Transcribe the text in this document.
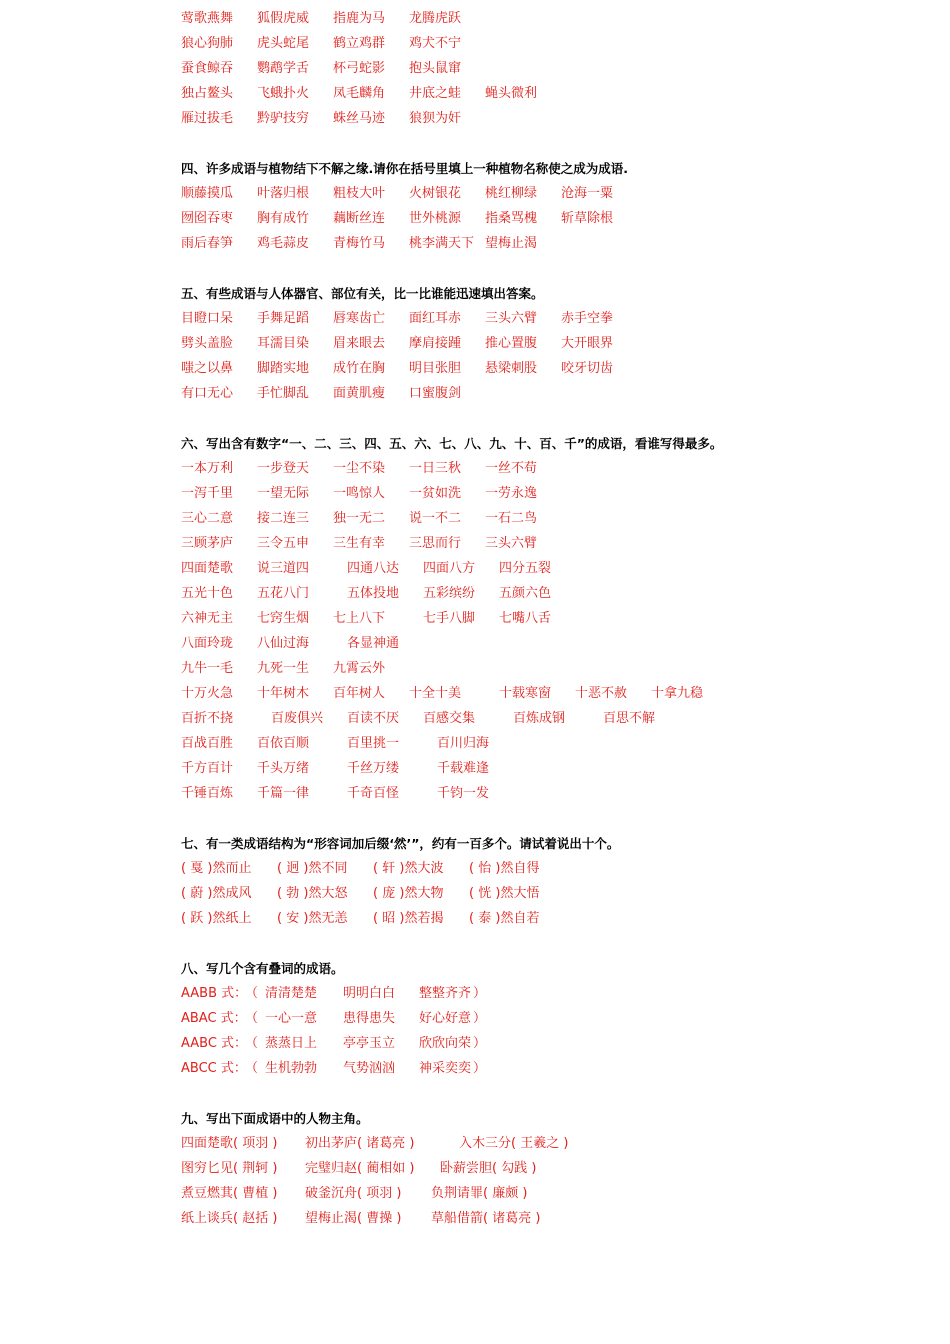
莺歌燕舞 狐假虎威 指鹿为马 龙腾虎跃
狼心狗肺 虎头蛇尾 鹤立鸡群 鸡犬不宁
蚕食鲸吞 鹦鹉学舌 杯弓蛇影 抱头鼠窜
独占鳌头 飞蛾扑火 凤毛麟角 井底之蛙 蝇头微利
雁过拔毛 黔驴技穷 蛛丝马迹 狼狈为奸
四、许多成语与植物结下不解之缘.请你在括号里填上一种植物名称使之成为成语.
顺藤摸瓜 叶落归根 粗枝大叶 火树银花 桃红柳绿 沧海一粟
囫囵吞枣 胸有成竹 藕断丝连 世外桃源 指桑骂槐 斩草除根
雨后春笋 鸡毛蒜皮 青梅竹马 桃李满天下 望梅止渴
五、有些成语与人体器官、部位有关，比一比谁能迅速填出答案。
目瞪口呆 手舞足蹈 唇寒齿亡 面红耳赤 三头六臂 赤手空拳
劈头盖脸 耳濡目染 眉来眼去 摩肩接踵 推心置腹 大开眼界
嗤之以鼻 脚踏实地 成竹在胸 明目张胆 悬梁刺股 咬牙切齿
有口无心 手忙脚乱 面黄肌瘦 口蜜腹剑
六、写出含有数字“一、二、三、四、五、六、七、八、九、十、百、千”的成语，看谁写得最多。
一本万利 一步登天 一尘不染 一日三秋 一丝不苟
一泻千里 一望无际 一鸣惊人 一贫如洗 一劳永逸
三心二意 接二连三 独一无二 说一不二 一石二鸟
三顾茅庐 三令五申 三生有幸 三思而行 三头六臂
四面楚歌 说三道四	四通八达 四面八方 四分五裂
五光十色 五花八门	五体投地 五彩缤纷 五颜六色
六神无主 七窍生烟 七上八下	七手八脚 七嘴八舌
八面玲珑 八仙过海	各显神通
九牛一毛 九死一生 九霄云外
十万火急 十年树木 百年树人 十全十美	十载寒窗 十恶不赦 十拿九稳
百折不挠	百废俱兴 百读不厌 百感交集	百炼成钢	百思不解
百战百胜 百依百顺	百里挑一	百川归海
千方百计 千头万绪	千丝万缕	千载难逢
千锤百炼 千篇一律	千奇百怪	千钧一发
七、有一类成语结构为“形容词加后缀‘然’”，约有一百多个。请试着说出十个。
( 戛 )然而止 ( 迥 )然不同 ( 轩 )然大波 ( 怡 )然自得
( 蔚 )然成风 ( 勃 )然大怒 ( 庞 )然大物 ( 恍 )然大悟
( 跃 )然纸上 ( 安 )然无恙 ( 昭 )然若揭 ( 泰 )然自若
八、写几个含有叠词的成语。
AABB 式：
（ 清清楚楚 明明白白 整整齐齐 ）
ABAC 式：
（ 一心一意 患得患失 好心好意 ）
AABC 式：
（ 蒸蒸日上 亭亭玉立 欣欣向荣 ）
ABCC 式：
（ 生机勃勃 气势汹汹 神采奕奕 ）
九、写出下面成语中的人物主角。
四面楚歌( 项羽 ) 初出茅庐( 诸葛亮 )	入木三分( 王羲之 )
图穷匕见( 荆轲 ) 完璧归赵( 蔺相如 ) 卧薪尝胆( 勾践 )
煮豆燃萁( 曹植 ) 破釜沉舟( 项羽 ) 负荆请罪( 廉颇 )
纸上谈兵( 赵括 ) 望梅止渴( 曹操 ) 草船借箭( 诸葛亮 )
